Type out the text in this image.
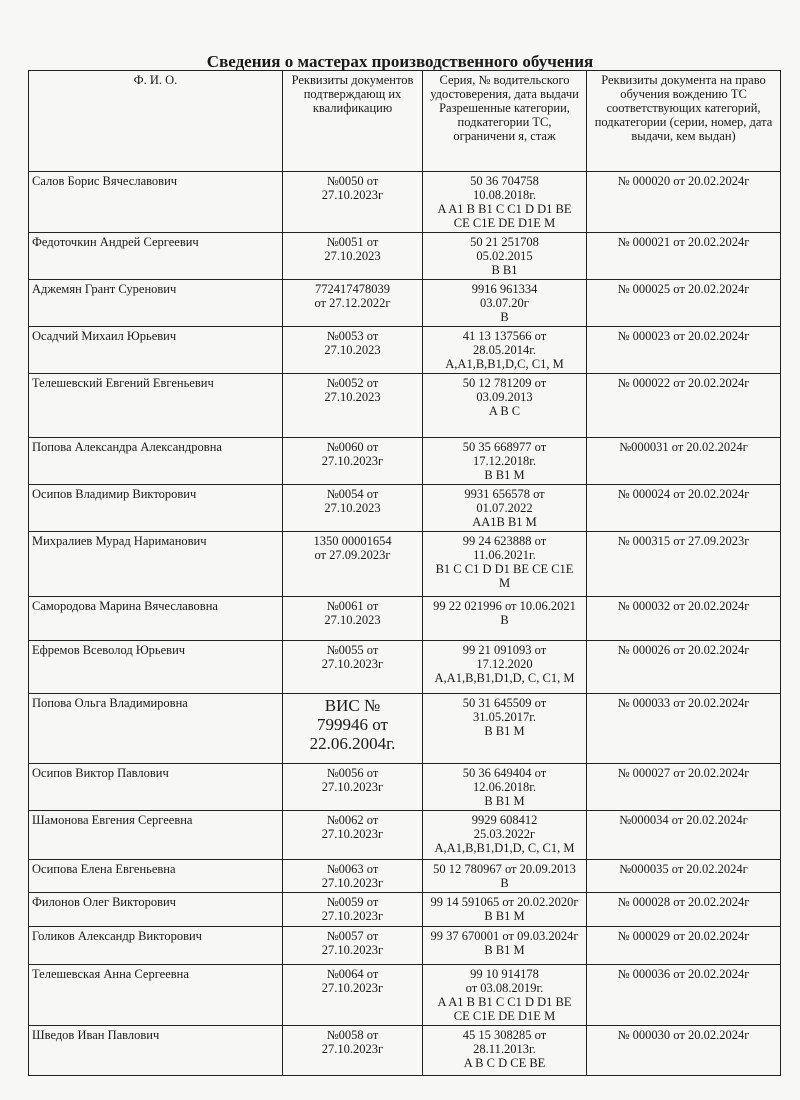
Сведения о мастерах производственного обучения
Ф. И. О.	Реквизиты документов подтверждающ их квалификацию	Серия, № водительского удостоверения, дата выдачи Разрешенные категории, подкатегории ТС, ограничени я, стаж	Реквизиты документа на право обучения вождению ТС соответствующих категорий, подкатегории (серии, номер, дата выдачи, кем выдан)
Салов Борис Вячеславович	№0050 от
27.10.2023г	50 36 704758
10.08.2018г.
A A1 B B1 C C1 D D1 BE
CE C1E DE D1E M	№ 000020 от 20.02.2024г
Федоточкин Андрей Сергеевич	№0051 от
27.10.2023	50 21 251708
05.02.2015
B B1	№ 000021 от 20.02.2024г
Аджемян Грант Суренович	772417478039
от 27.12.2022г	9916 961334
03.07.20г
B	№ 000025 от 20.02.2024г
Осадчий Михаил Юрьевич	№0053 от
27.10.2023	41 13 137566 от
28.05.2014г.
A,A1,B,B1,D,C, C1, M	№ 000023 от 20.02.2024г
Телешевский Евгений Евгеньевич	№0052 от
27.10.2023	50 12 781209 от
03.09.2013
A B C	№ 000022 от 20.02.2024г
Попова Александра Александровна	№0060 от
27.10.2023г	50 35 668977 от
17.12.2018г.
B B1 M	№000031 от 20.02.2024г
Осипов Владимир Викторович	№0054 от
27.10.2023	9931 656578 от
01.07.2022
AA1B B1 M	№ 000024 от 20.02.2024г
Михралиев Мурад Нариманович	1350 00001654
от 27.09.2023г	99 24 623888 от
11.06.2021г.
B1 C C1 D D1 BE CE C1E
M	№ 000315 от 27.09.2023г
Самородова Марина Вячеславовна	№0061 от
27.10.2023	99 22 021996 от 10.06.2021
B	№ 000032 от 20.02.2024г
Ефремов Всеволод Юрьевич	№0055 от
27.10.2023г	99 21 091093 от
17.12.2020
A,A1,B,B1,D1,D, C, C1, M	№ 000026 от 20.02.2024г
Попова Ольга Владимировна	ВИС №
799946 от
22.06.2004г.	50 31 645509 от
31.05.2017г.
B B1 M	№ 000033 от 20.02.2024г
Осипов Виктор Павлович	№0056 от
27.10.2023г	50 36 649404 от
12.06.2018г.
B B1 M	№ 000027 от 20.02.2024г
Шамонова Евгения Сергеевна	№0062 от
27.10.2023г	9929 608412
25.03.2022г
A,A1,B,B1,D1,D, C, C1, M	№000034 от 20.02.2024г
Осипова Елена Евгеньевна	№0063 от
27.10.2023г	50 12 780967 от 20.09.2013
B	№000035 от 20.02.2024г
Филонов Олег Викторович	№0059 от
27.10.2023г	99 14 591065 от 20.02.2020г
B B1 M	№ 000028 от 20.02.2024г
Голиков Александр Викторович	№0057 от
27.10.2023г	99 37 670001 от 09.03.2024г
B B1 M	№ 000029 от 20.02.2024г
Телешевская Анна Сергеевна	№0064 от
27.10.2023г	99 10 914178
от 03.08.2019г.
A A1 B B1 C C1 D D1 BE
CE C1E DE D1E M	№ 000036 от 20.02.2024г
Шведов Иван Павлович	№0058 от
27.10.2023г	45 15 308285 от
28.11.2013г.
A B C D CE BE	№ 000030 от 20.02.2024г
